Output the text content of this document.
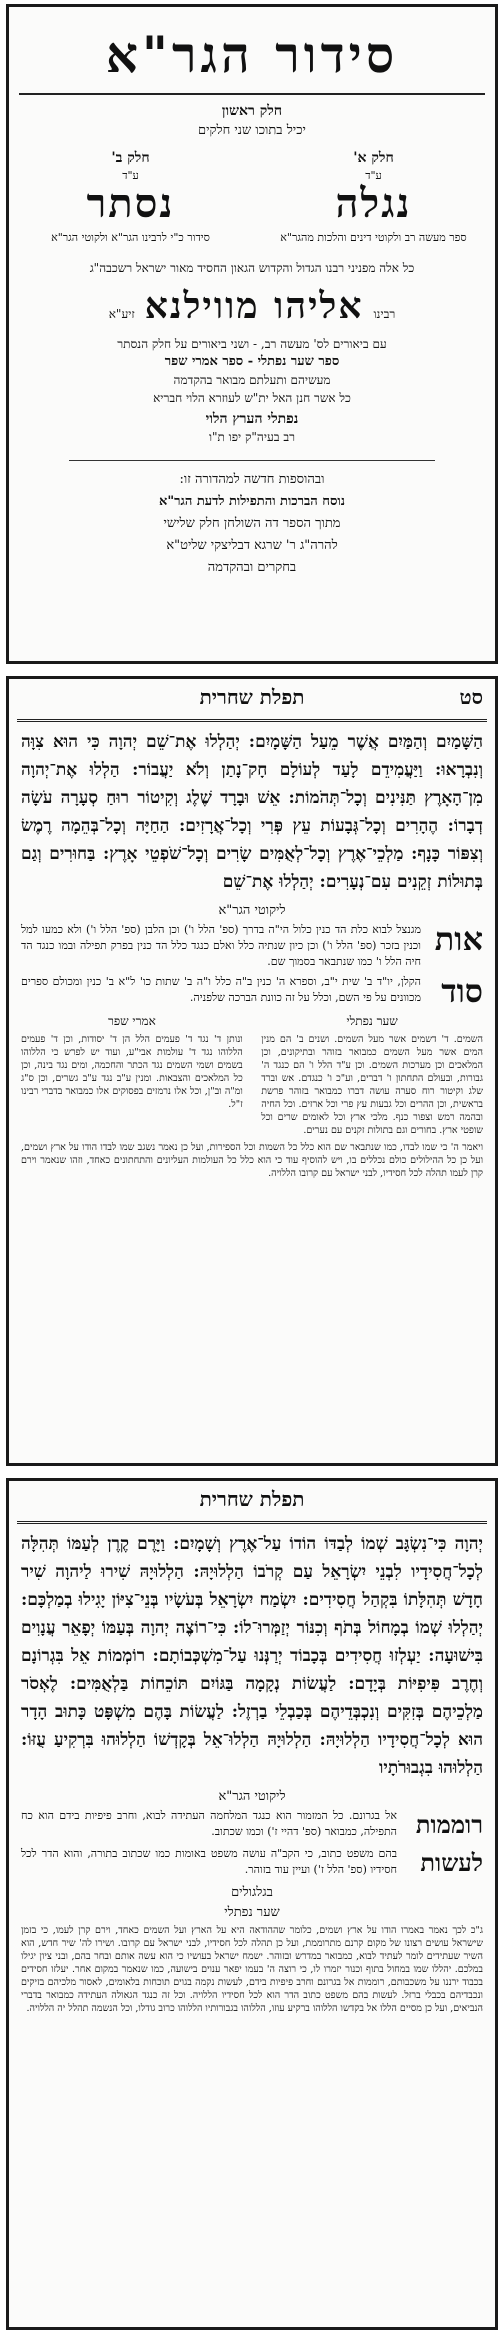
סידור הגר"א
חלק ראשון
יכיל בתוכו שני חלקים
חלק א'
ע"ד
נגלה
ספר מעשה רב ולקוטי דינים והלכות מהגר"א
חלק ב'
ע"ד
נסתר
סידור כ"י לרבינו הגר"א ולקוטי הגר"א
כל אלה מפניני רבנו הגדול והקדוש הגאון החסיד מאור ישראל רשכבה"ג
רבינו
אליהו מווילנא
זיע"א
עם ביאורים לס' מעשה רב, - ושני ביאורים על חלק הנסתר
ספר שער נפתלי - ספר אמרי שפר
מעשיהם ותעלתם מבואר בהקדמה
כל אשר חנן האל ית"ש לעוזרא הלוי חבריא
נפתלי הערץ הלוי
רב בעיה"ק יפו ת"ו
ובהוספות חדשה למהדורה זו:
נוסח הברכות והתפילות לדעת הגר"א
מתוך הספר דה השולחן חלק שלישי
להרה"ג ר' שרגא דבליצקי שליט"א
בחקרים ובהקדמה
תפלת שחרית	סט
הַשָּׁמַיִם וְהַמַּיִם אֲשֶׁר מֵעַל הַשָּׁמָיִם: יְהַלְלוּ אֶת־שֵׁם יְהוָה כִּי הוּא צִוָּה וְנִבְרָאוּ: וַיַּעֲמִידֵם לָעַד לְעוֹלָם חָק־נָתַן וְלֹא יַעֲבוֹר: הַלְלוּ אֶת־יְהוָה מִן־הָאָרֶץ תַּנִּינִים וְכָל־תְּהֹמוֹת: אֵשׁ וּבָרָד שֶׁלֶג וְקִיטוֹר רוּחַ סְעָרָה עֹשָׂה דְבָרוֹ: הֶהָרִים וְכָל־גְּבָעוֹת עֵץ פְּרִי וְכָל־אֲרָזִים: הַחַיָּה וְכָל־בְּהֵמָה רֶמֶשׂ וְצִפּוֹר כָּנָף: מַלְכֵי־אֶרֶץ וְכָל־לְאֻמִּים שָׂרִים וְכָל־שֹׁפְטֵי אָרֶץ: בַּחוּרִים וְגַם בְּתוּלוֹת זְקֵנִים עִם־נְעָרִים: יְהַלְלוּ אֶת־שֵׁם
ליקוטי הגר"א
אות
מגנצל לבוא כלת הד כנין כלול הי"ה בדרך (ספ' הלל ו') וכן הלבן (ספ' הלל ו') ולא כמעו למל וכנין בזכר (ספ' הלל ו') וכן כיון שנתיה כלל ואלם כנגד כלל הד כנין בפרק תפילה ובמו כנגד הד חיה הלל ו' כמו שנתבאר בסמוך שם.
סוד
הקלן, יו"ד ב' שית י"ב, וספרא ה' כנין ב"ה כלל ו"ה ב' שתות כו' ל"א ב' כנין ומכולם ספרים מכוונים על פי השם, וכלל על זה כוונת הברכה שלפניה.
שער נפתלי
השמים. ד' דשמים אשר מעל השמים. ושנים ב' הם מנין המים אשר מעל השמים כמבואר בזוהר ובתיקונים, וכן המלאכים וכן מערכות השמים. וכן ע"ד הלל ו' הם כנגד ה' גבורות, ובעולם התחתון ו' דברים, וע"כ ו' כנגדם. אש וברד שלג וקיטור רוח סערה עושה דברו כמבואר בזוהר פרשת בראשית, וכן ההרים וכל גבעות עץ פרי וכל ארזים. וכל החיה ובהמה רמש וצפור כנף. מלכי ארץ וכל לאומים שרים וכל שופטי ארץ. בחורים וגם בתולות זקנים עם נערים.
אמרי שפר
ונותן ד' נגד ד' פעמים הלל הן ד' יסודות, וכן ד' פעמים הללוהו נגד ד' עולמות אבי"ע, ועוד יש לפרש כי הללוהו בשמים ושמי השמים נגד הכתר והחכמה, ומים נגד בינה, וכן כל המלאכים והצבאות. ומנין ע"ב נגד ע"ב גשרים, וכן ס"ג ומ"ה וב"ן, וכל אלו נרמזים בפסוקים אלו כמבואר בדברי רבינו ז"ל.
ויאמר ה' כי שמו לבדו, כמו שנתבאר שם הוא כלל כל השמות וכל הספירות, ועל כן נאמר נשגב שמו לבדו הודו על ארץ ושמים, ועל כן כל ההילולים כולם נכללים בו, ויש להוסיף עוד כי הוא כלל כל העולמות העליונים והתחתונים כאחד, וזהו שנאמר וירם קרן לעמו תהלה לכל חסידיו, לבני ישראל עם קרובו הללויה.
תפלת שחרית
יְהוָה כִּי־נִשְׂגָּב שְׁמוֹ לְבַדּוֹ הוֹדוֹ עַל־אֶרֶץ וְשָׁמָיִם: וַיָּרֶם קֶרֶן לְעַמּוֹ תְּהִלָּה לְכָל־חֲסִידָיו לִבְנֵי יִשְׂרָאֵל עַם קְרֹבוֹ הַלְלוּיָהּ: הַלְלוּיָהּ שִׁירוּ לַיהוָה שִׁיר חָדָשׁ תְּהִלָּתוֹ בִּקְהַל חֲסִידִים: יִשְׂמַח יִשְׂרָאֵל בְּעֹשָׂיו בְּנֵי־צִיּוֹן יָגִילוּ בְמַלְכָּם: יְהַלְלוּ שְׁמוֹ בְמָחוֹל בְּתֹף וְכִנּוֹר יְזַמְּרוּ־לוֹ: כִּי־רוֹצֶה יְהוָה בְּעַמּוֹ יְפָאֵר עֲנָוִים בִּישׁוּעָה: יַעְלְזוּ חֲסִידִים בְּכָבוֹד יְרַנְּנוּ עַל־מִשְׁכְּבוֹתָם: רוֹמְמוֹת אֵל בִּגְרוֹנָם וְחֶרֶב פִּיפִיּוֹת בְּיָדָם: לַעֲשׂוֹת נְקָמָה בַּגּוֹיִם תּוֹכֵחוֹת בַּלְאֻמִּים: לֶאְסֹר מַלְכֵיהֶם בְּזִקִּים וְנִכְבְּדֵיהֶם בְּכַבְלֵי בַרְזֶל: לַעֲשׂוֹת בָּהֶם מִשְׁפָּט כָּתוּב הָדָר הוּא לְכָל־חֲסִידָיו הַלְלוּיָהּ: הַלְלוּיָהּ הַלְלוּ־אֵל בְּקָדְשׁוֹ הַלְלוּהוּ בִּרְקִיעַ עֻזּוֹ: הַלְלוּהוּ בִגְבוּרֹתָיו
ליקוטי הגר"א
רוממות
אל בגרונם. כל המזמור הוא כנגד המלחמה העתידה לבוא, וחרב פיפיות בידם הוא כח התפילה, כמבואר (ספ' דהיי ז') וכמו שכתוב.
לעשות
בהם משפט כתוב, כי הקב"ה עושה משפט באומות כמו שכתוב בתורה, והוא הדר לכל חסידיו (ספ' הלל ז') ועיין עוד בזוהר.
בגלגולים
שער נפתלי
ג"כ לכך נאמר באמרו הודו על ארץ ושמים, כלומר שההודאה היא על הארץ ועל השמים כאחד, וירם קרן לעמו, כי בזמן שישראל עושים רצונו של מקום קרנם מתרוממת, ועל כן תהלה לכל חסידיו, לבני ישראל עם קרובו. ושירו לה' שיר חדש, הוא השיר שעתידים לומר לעתיד לבוא, כמבואר במדרש ובזוהר. ישמח ישראל בעושיו כי הוא עשה אותם ובחר בהם, ובני ציון יגילו במלכם. יהללו שמו במחול בתוף וכנור יזמרו לו, כי רוצה ה' בעמו יפאר ענוים בישועה, כמו שנאמר במקום אחר. יעלזו חסידים בכבוד ירננו על משכבותם, רוממות אל בגרונם וחרב פיפיות בידם, לעשות נקמה בגוים תוכחות בלאומים, לאסור מלכיהם בזיקים ונכבדיהם בכבלי ברזל. לעשות בהם משפט כתוב הדר הוא לכל חסידיו הללויה. וכל זה כנגד הגאולה העתידה כמבואר בדברי הנביאים, ועל כן מסיים הללו אל בקדשו הללוהו ברקיע עוזו, הללוהו בגבורותיו הללוהו כרוב גודלו, וכל הנשמה תהלל יה הללויה.
